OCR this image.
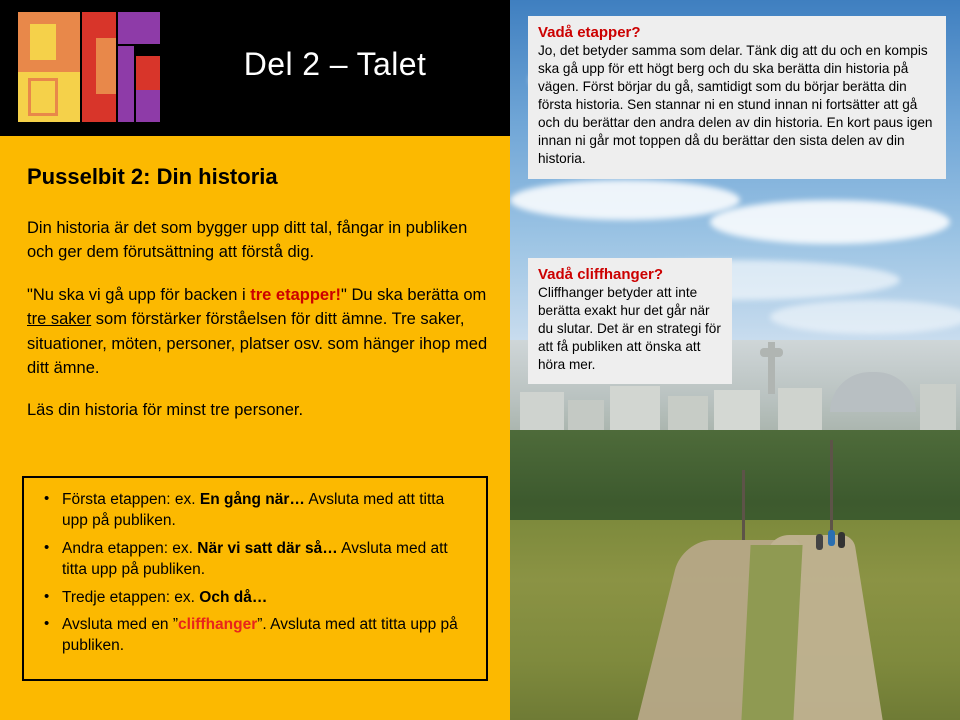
Del 2 – Talet
Pusselbit 2: Din historia

Din historia är det som bygger upp ditt tal, fångar in publiken och ger dem förutsättning att förstå dig.

"Nu ska vi gå upp för backen i tre etapper!" Du ska berätta om tre saker som förstärker förståelsen för ditt ämne. Tre saker, situationer, möten, personer, platser osv. som hänger ihop med ditt ämne.

Läs din historia för minst tre personer.

• Första etappen: ex. En gång när… Avsluta med att titta upp på publiken.
• Andra etappen: ex. När vi satt där så… Avsluta med att titta upp på publiken.
• Tredje etappen: ex. Och då…
• Avsluta med en ”cliffhanger”. Avsluta med att titta upp på publiken.
Vadå etapper?
Jo, det betyder samma som delar. Tänk dig att du och en kompis ska gå upp för ett högt berg och du ska berätta din historia på vägen. Först börjar du gå, samtidigt som du börjar berätta din första historia. Sen stannar ni en stund innan ni fortsätter att gå och du berättar den andra delen av din historia. En kort paus igen innan ni går mot toppen då du berättar den sista delen av din historia.
Vadå cliffhanger?
Cliffhanger betyder att inte berätta exakt hur det går när du slutar. Det är en strategi för att få publiken att önska att höra mer.
